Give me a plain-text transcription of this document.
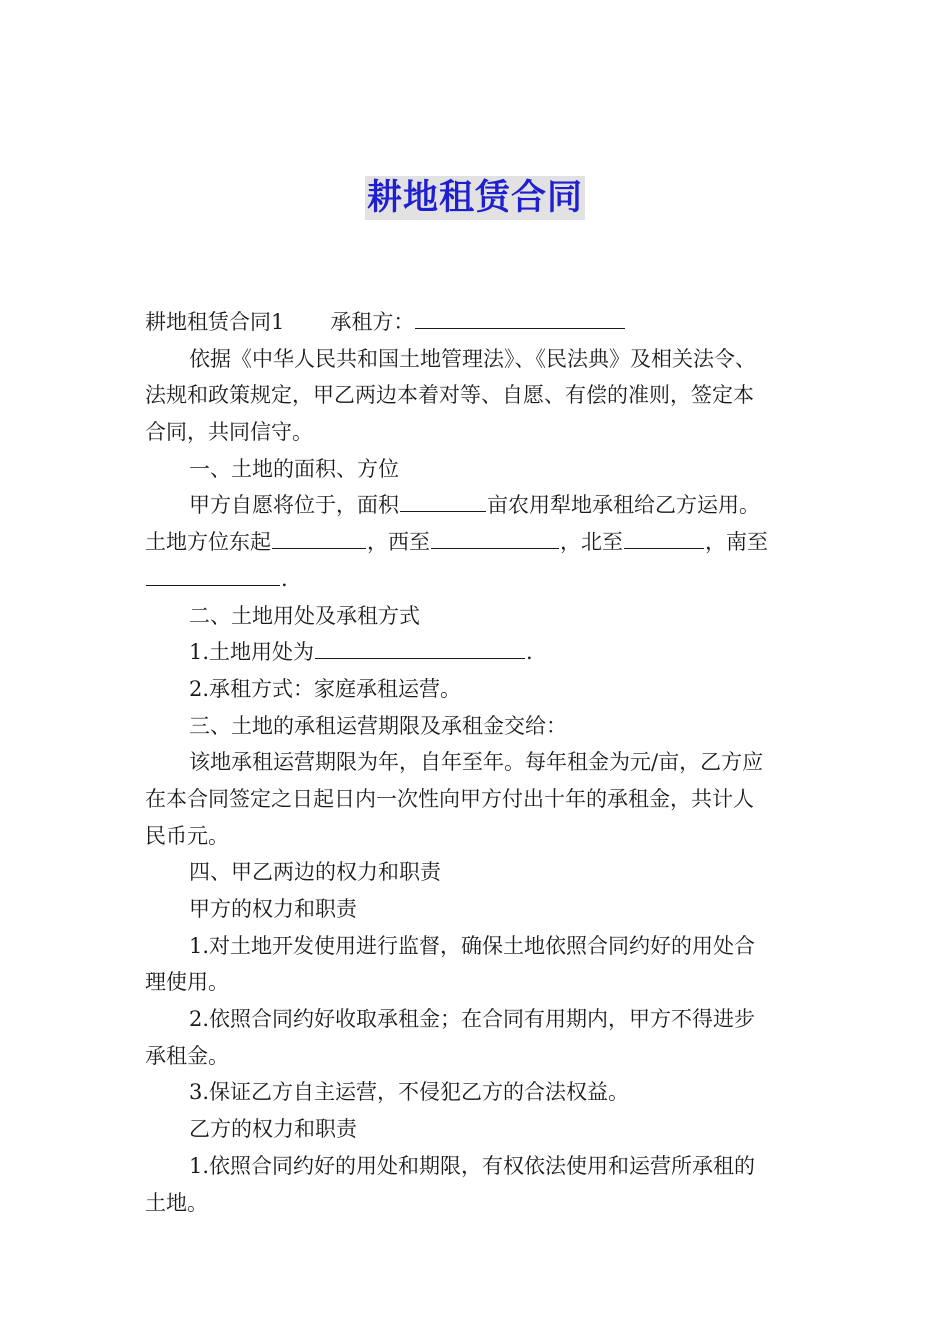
耕地租赁合同
耕地租赁合同1 承租方：
依据《中华人民共和国土地管理法》、《民法典》及相关法令、
法规和政策规定，甲乙两边本着对等、自愿、有偿的准则，签定本
合同，共同信守。
一、土地的面积、方位
甲方自愿将位于，面积	亩农用犁地承租给乙方运用。
土地方位东起	，西至	，北至	，南至
.
二、土地用处及承租方式
1.土地用处为	.
2.承租方式：家庭承租运营。
三、土地的承租运营期限及承租金交给：
该地承租运营期限为年，自年至年。每年租金为元/亩，乙方应
在本合同签定之日起日内一次性向甲方付出十年的承租金，共计人
民币元。
四、甲乙两边的权力和职责
甲方的权力和职责
1.对土地开发使用进行监督，确保土地依照合同约好的用处合
理使用。
2.依照合同约好收取承租金；在合同有用期内，甲方不得进步
承租金。
3.保证乙方自主运营，不侵犯乙方的合法权益。
乙方的权力和职责
1.依照合同约好的用处和期限，有权依法使用和运营所承租的
土地。
